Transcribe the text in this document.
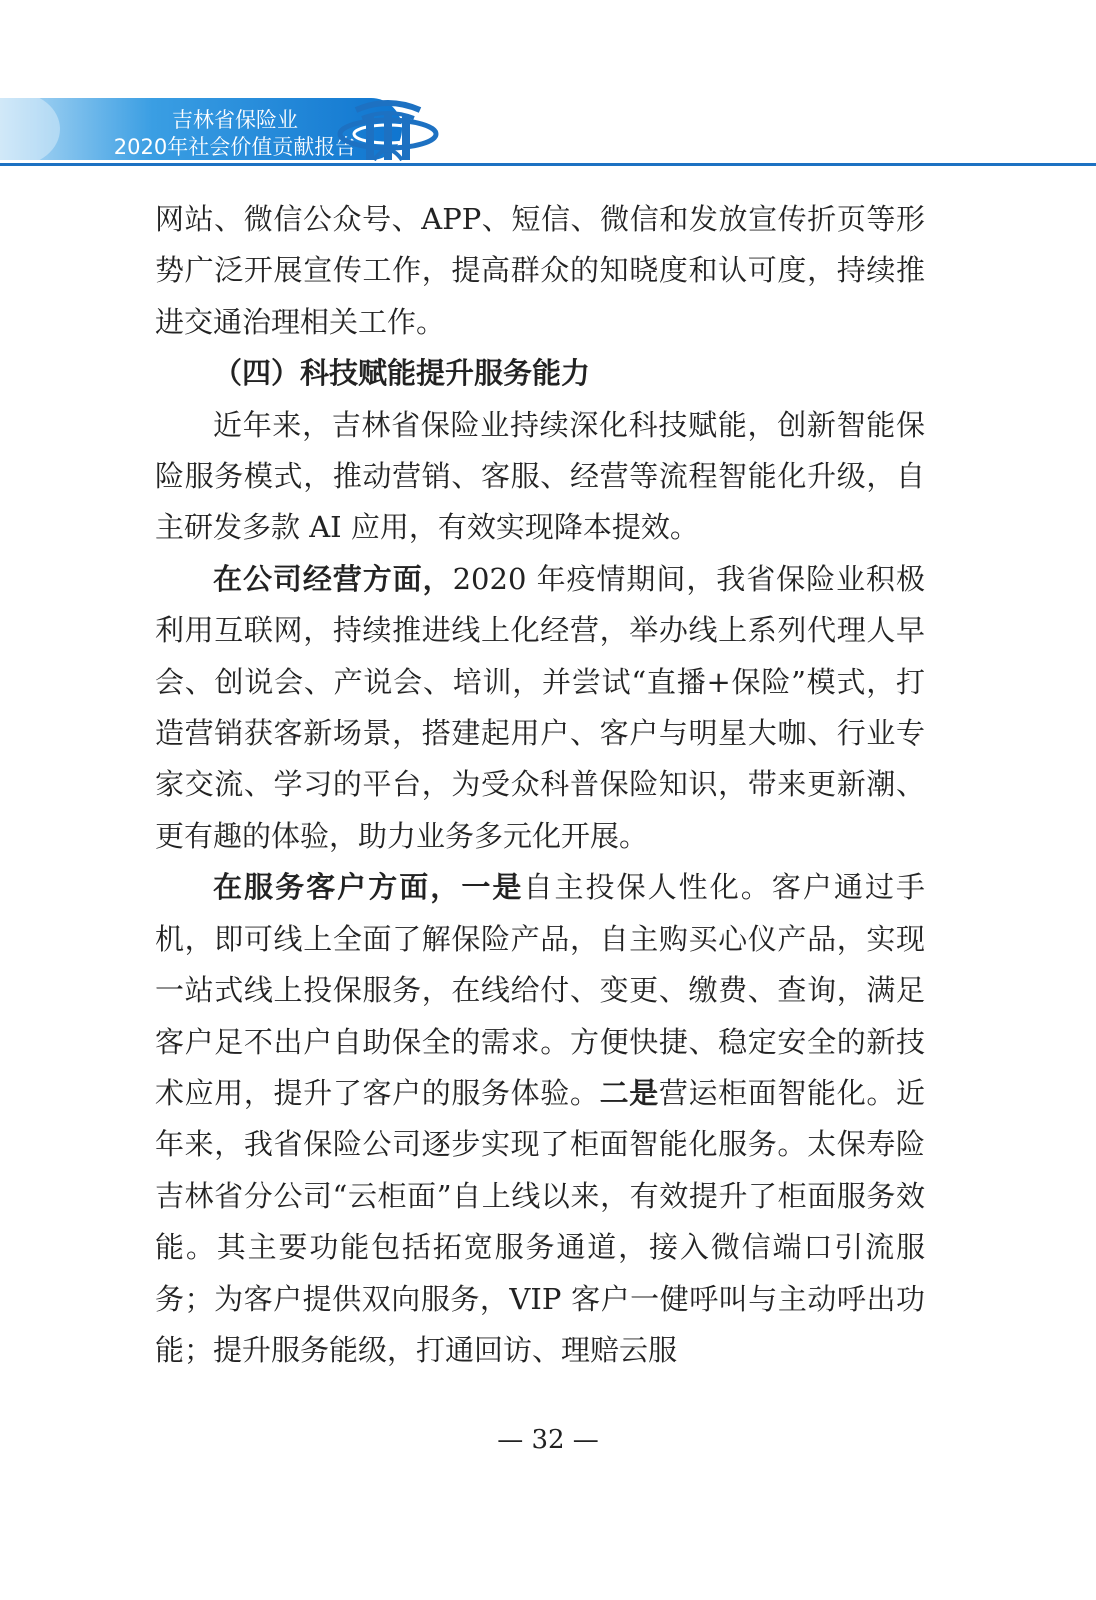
吉林省保险业
2020年社会价值贡献报告

网站、微信公众号、APP、短信、微信和发放宣传折页等形势广泛开展宣传工作，提高群众的知晓度和认可度，持续推进交通治理相关工作。

（四）科技赋能提升服务能力

近年来，吉林省保险业持续深化科技赋能，创新智能保险服务模式，推动营销、客服、经营等流程智能化升级，自主研发多款 AI 应用，有效实现降本提效。

在公司经营方面，2020 年疫情期间，我省保险业积极利用互联网，持续推进线上化经营，举办线上系列代理人早会、创说会、产说会、培训，并尝试“直播+保险”模式，打造营销获客新场景，搭建起用户、客户与明星大咖、行业专家交流、学习的平台，为受众科普保险知识，带来更新潮、更有趣的体验，助力业务多元化开展。

在服务客户方面，一是自主投保人性化。客户通过手机，即可线上全面了解保险产品，自主购买心仪产品，实现一站式线上投保服务，在线给付、变更、缴费、查询，满足客户足不出户自助保全的需求。方便快捷、稳定安全的新技术应用，提升了客户的服务体验。二是营运柜面智能化。近年来，我省保险公司逐步实现了柜面智能化服务。太保寿险吉林省分公司“云柜面”自上线以来，有效提升了柜面服务效能。其主要功能包括拓宽服务通道，接入微信端口引流服务；为客户提供双向服务，VIP 客户一健呼叫与主动呼出功能；提升服务能级，打通回访、理赔云服

— 32 —
